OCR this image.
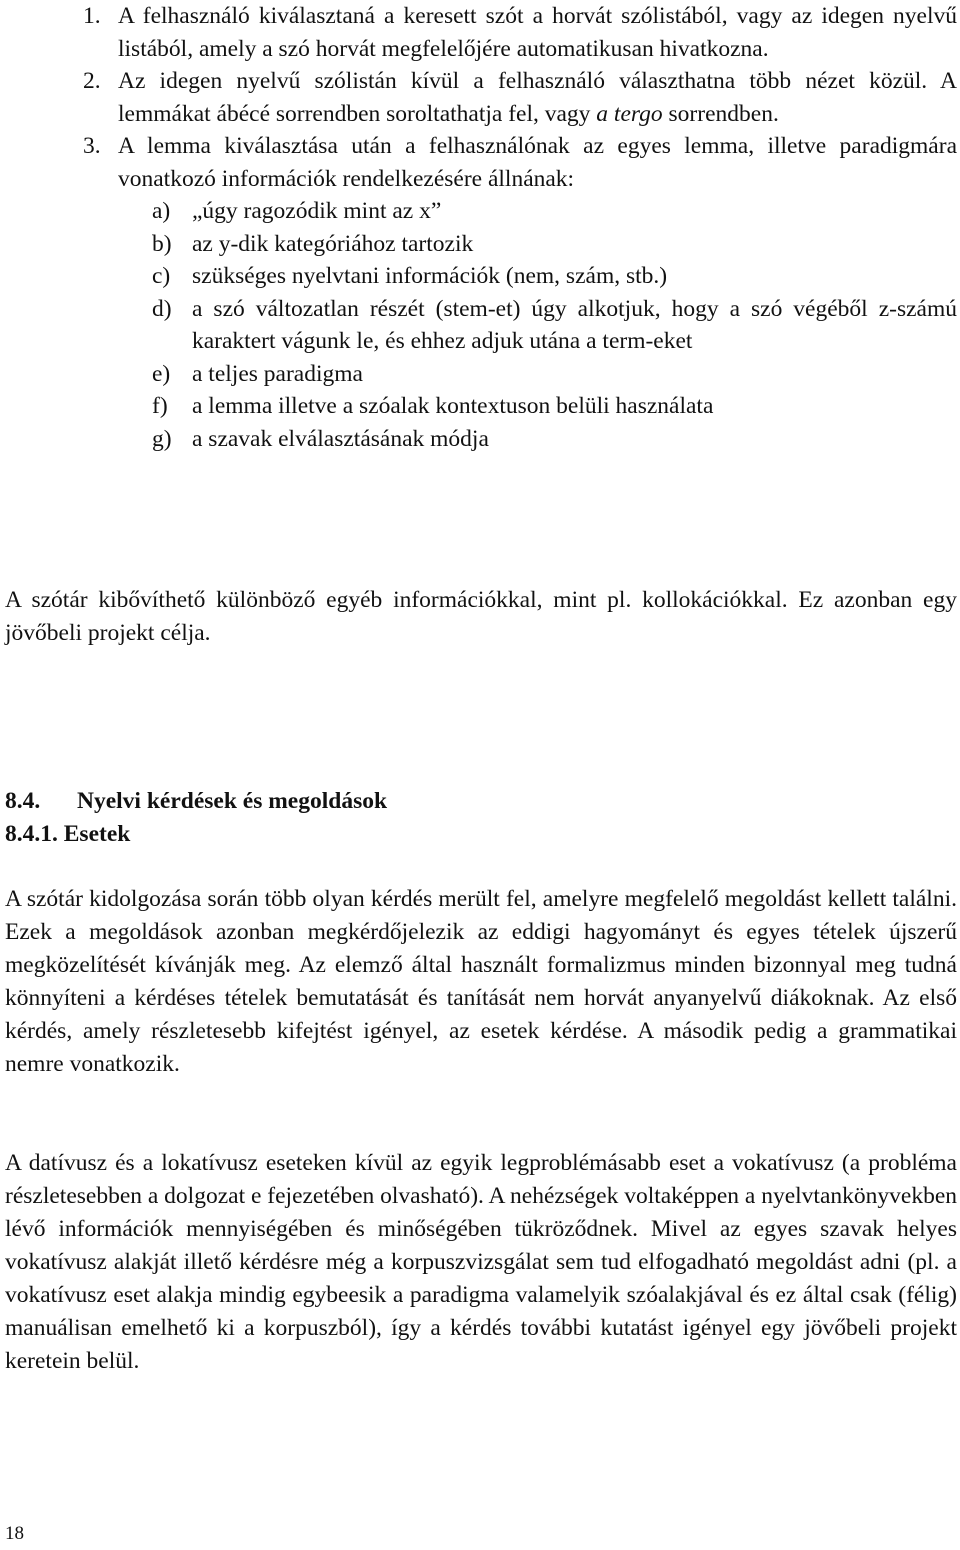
1. A felhasználó kiválasztaná a keresett szót a horvát szólistából, vagy az idegen nyelvű listából, amely a szó horvát megfelelőjére automatikusan hivatkozna.
2. Az idegen nyelvű szólistán kívül a felhasználó választhatna több nézet közül. A lemmákat ábécé sorrendben soroltathatja fel, vagy a tergo sorrendben.
3. A lemma kiválasztása után a felhasználónak az egyes lemma, illetve paradigmára vonatkozó információk rendelkezésére állnának:
a) „úgy ragozódik mint az x”
b) az y-dik kategóriához tartozik
c) szükséges nyelvtani információk (nem, szám, stb.)
d) a szó változatlan részét (stem-et) úgy alkotjuk, hogy a szó végéből z-számú karaktert vágunk le, és ehhez adjuk utána a term-eket
e) a teljes paradigma
f) a lemma illetve a szóalak kontextuson belüli használata
g) a szavak elválasztásának módja

A szótár kibővíthető különböző egyéb információkkal, mint pl. kollokációkkal. Ez azonban egy jövőbeli projekt célja.

8.4. Nyelvi kérdések és megoldások
8.4.1. Esetek

A szótár kidolgozása során több olyan kérdés merült fel, amelyre megfelelő megoldást kellett találni. Ezek a megoldások azonban megkérdőjelezik az eddigi hagyományt és egyes tételek újszerű megközelítését kívánják meg. Az elemző által használt formalizmus minden bizonnyal meg tudná könnyíteni a kérdéses tételek bemutatását és tanítását nem horvát anyanyelvű diákoknak. Az első kérdés, amely részletesebb kifejtést igényel, az esetek kérdése. A második pedig a grammatikai nemre vonatkozik.

A datívusz és a lokatívusz eseteken kívül az egyik legproblémásabb eset a vokatívusz (a probléma részletesebben a dolgozat e fejezetében olvasható). A nehézségek voltaképpen a nyelvtankönyvekben lévő információk mennyiségében és minőségében tükröződnek. Mivel az egyes szavak helyes vokatívusz alakját illető kérdésre még a korpuszvizsgálat sem tud elfogadható megoldást adni (pl. a vokatívusz eset alakja mindig egybeesik a paradigma valamelyik szóalakjával és ez által csak (félig) manuálisan emelhető ki a korpuszból), így a kérdés további kutatást igényel egy jövőbeli projekt keretein belül.

18
